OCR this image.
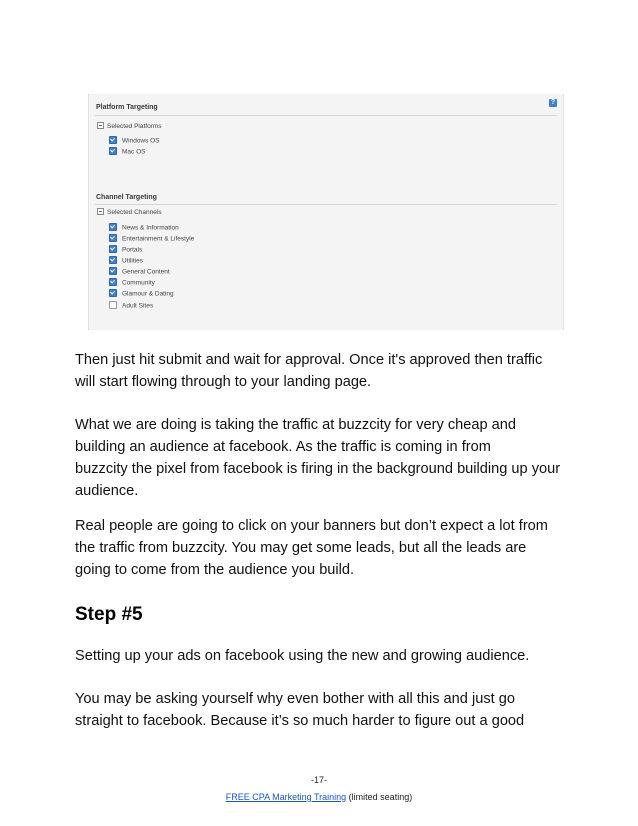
?
Platform Targeting
Selected Platforms
Windows OS
Mac OS
Channel Targeting
Selected Channels
News & Information
Entertainment & Lifestyle
Portals
Utilities
General Content
Community
Glamour & Dating
Adult Sites
Then just hit submit and wait for approval. Once it's approved then traffic
will start flowing through to your landing page.
What we are doing is taking the traffic at buzzcity for very cheap and
building an audience at facebook. As the traffic is coming in from
buzzcity the pixel from facebook is firing in the background building up your
audience.
Real people are going to click on your banners but don’t expect a lot from
the traffic from buzzcity. You may get some leads, but all the leads are
going to come from the audience you build.
Step #5
Setting up your ads on facebook using the new and growing audience.
You may be asking yourself why even bother with all this and just go
straight to facebook. Because it’s so much harder to figure out a good
-17-
FREE CPA Marketing Training (limited seating)
